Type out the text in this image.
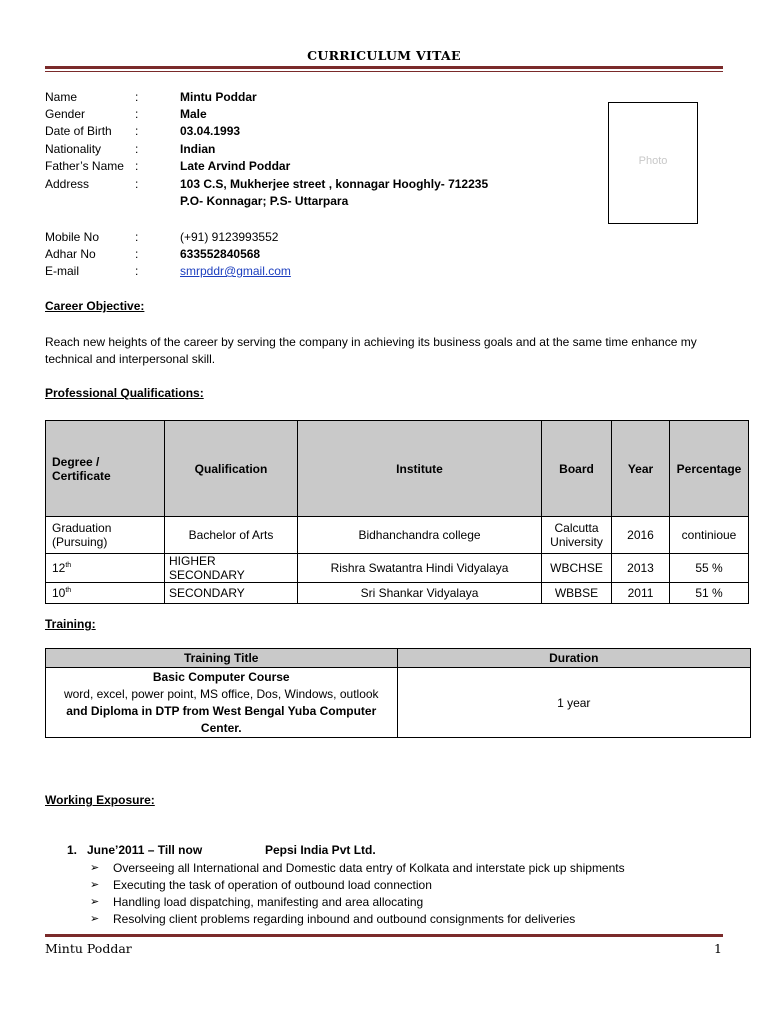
CURRICULUM VITAE
Name	:	Mintu Poddar
Gender	:	Male
Date of Birth :	03.04.1993
Nationality	:	Indian
Father’s Name :	Late Arvind Poddar
Address	:	103 C.S, Mukherjee street , konnagar Hooghly- 712235
P.O- Konnagar; P.S- Uttarpara
Mobile No	:	(+91) 9123993552
Adhar No	:	633552840568
E-mail	:	smrpddr@gmail.com
Photo
Career Objective:
Reach new heights of the career by serving the company in achieving its business goals and at the same time enhance my technical and interpersonal skill.
Professional Qualifications:
Degree / Certificate	Qualification	Institute	Board	Year	Percentage
Graduation (Pursuing)	Bachelor of Arts	Bidhanchandra college	Calcutta University	2016	continioue
12th	HIGHER SECONDARY	Rishra Swatantra Hindi Vidyalaya	WBCHSE	2013	55 %
10th	SECONDARY	Sri Shankar Vidyalaya	WBBSE	2011	51 %
Training:
Training Title	Duration

Basic Computer Course
word, excel, power point, MS office, Dos, Windows, outlook
and Diploma in DTP from West Bengal Yuba Computer Center.	1 year
Working Exposure:
1. June’2011 – Till now	Pepsi India Pvt Ltd.
➢ Overseeing all International and Domestic data entry of Kolkata and interstate pick up shipments
➢ Executing the task of operation of outbound load connection
➢ Handling load dispatching, manifesting and area allocating
➢ Resolving client problems regarding inbound and outbound consignments for deliveries
Mintu Poddar	1
